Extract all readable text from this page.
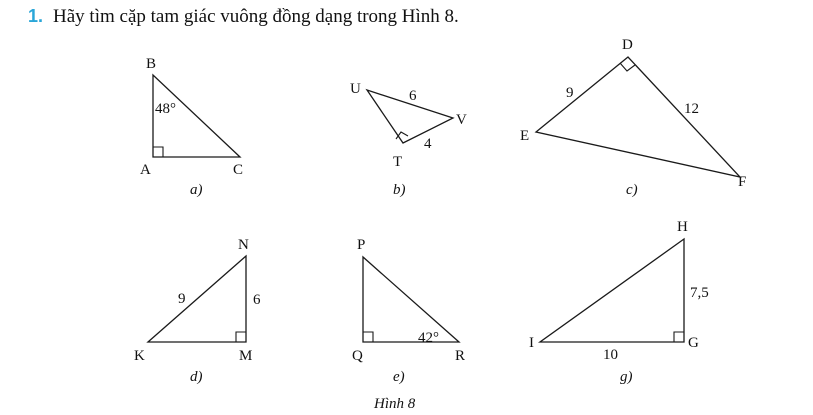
1. Hãy tìm cặp tam giác vuông đồng dạng trong Hình 8.
B
A	C
48°
a)
U
V
T
6
4
b)
D
E
F
9
12
c)
N
K	M
9	6
d)
P
Q	R
42°
e)
H
I	G
7,5
10
g)
Hình 8
